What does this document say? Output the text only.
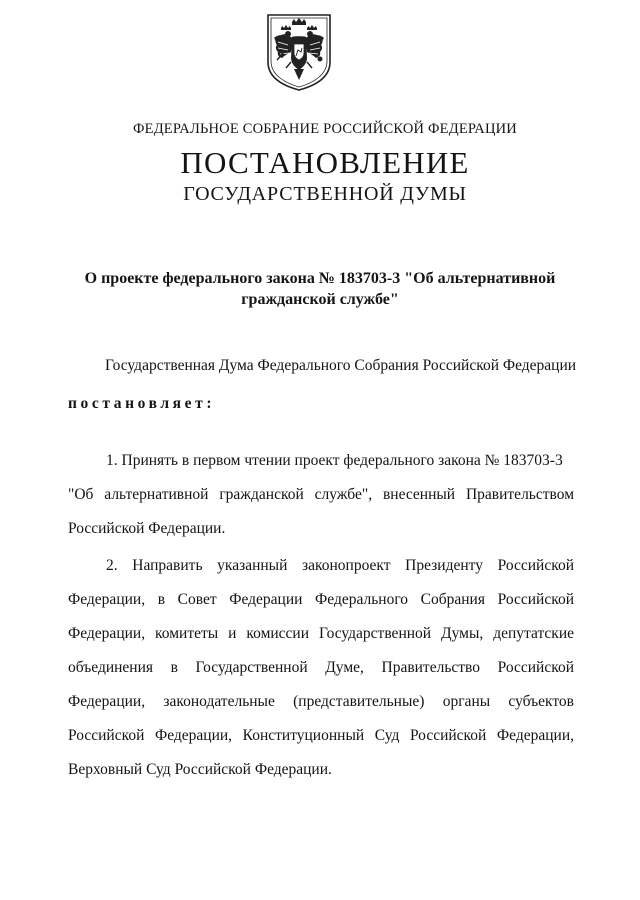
ФЕДЕРАЛЬНОЕ СОБРАНИЕ РОССИЙСКОЙ ФЕДЕРАЦИИ
ПОСТАНОВЛЕНИЕ
ГОСУДАРСТВЕННОЙ ДУМЫ
О проекте федерального закона № 183703-3 "Об альтернативной
гражданской службе"
Государственная Дума Федерального Собрания Российской Федерации
постановляет:
1. Принять в первом чтении проект федерального закона № 183703-3
"Об альтернативной гражданской службе", внесенный Правительством
Российской Федерации.
2. Направить указанный законопроект Президенту Российской
Федерации, в Совет Федерации Федерального Собрания Российской
Федерации, комитеты и комиссии Государственной Думы, депутатские
объединения в Государственной Думе, Правительство Российской
Федерации, законодательные (представительные) органы субъектов
Российской Федерации, Конституционный Суд Российской Федерации,
Верховный Суд Российской Федерации.
